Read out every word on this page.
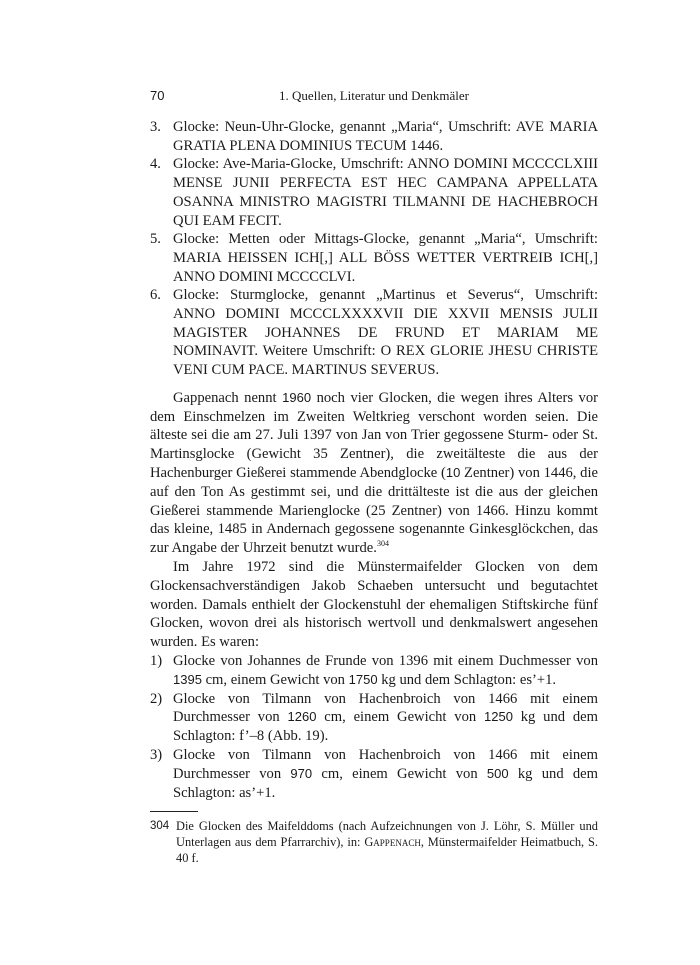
70	1. Quellen, Literatur und Denkmäler
3. Glocke: Neun-Uhr-Glocke, genannt „Maria“, Umschrift: AVE MARIA GRATIA PLENA DOMINIUS TECUM 1446.
4. Glocke: Ave-Maria-Glocke, Umschrift: ANNO DOMINI MCCCCLXIII MENSE JUNII PERFECTA EST HEC CAMPANA APPELLATA OSANNA MINISTRO MAGISTRI TILMANNI DE HACHEBROCH QUI EAM FECIT.
5. Glocke: Metten oder Mittags-Glocke, genannt „Maria“, Umschrift: MARIA HEISSEN ICH[,] ALL BÖSS WETTER VERTREIB ICH[,] ANNO DOMINI MCCCCLVI.
6. Glocke: Sturmglocke, genannt „Martinus et Severus“, Umschrift: ANNO DOMINI MCCCLXXXXVII DIE XXVII MENSIS JULII MAGISTER JOHANNES DE FRUND ET MARIAM ME NOMINAVIT. Weitere Umschrift: O REX GLORIE JHESU CHRISTE VENI CUM PACE. MARTINUS SEVERUS.

Gappenach nennt 1960 noch vier Glocken, die wegen ihres Alters vor dem Einschmelzen im Zweiten Weltkrieg verschont worden seien. Die älteste sei die am 27. Juli 1397 von Jan von Trier gegossene Sturm- oder St. Martinsglocke (Gewicht 35 Zentner), die zweitälteste die aus der Hachenburger Gießerei stammende Abendglocke (10 Zentner) von 1446, die auf den Ton As gestimmt sei, und die drittälteste ist die aus der gleichen Gießerei stammende Marienglocke (25 Zentner) von 1466. Hinzu kommt das kleine, 1485 in Andernach gegossene sogenannte Ginkesglöckchen, das zur Angabe der Uhrzeit benutzt wurde.$^{304}$

Im Jahre 1972 sind die Münstermaifelder Glocken von dem Glockensachverständigen Jakob Schaeben untersucht und begutachtet worden. Damals enthielt der Glockenstuhl der ehemaligen Stiftskirche fünf Glocken, wovon drei als historisch wertvoll und denkmalswert angesehen wurden. Es waren:

1) Glocke von Johannes de Frunde von 1396 mit einem Duchmesser von 1395 cm, einem Gewicht von 1750 kg und dem Schlagton: es’+1.
2) Glocke von Tilmann von Hachenbroich von 1466 mit einem Durchmesser von 1260 cm, einem Gewicht von 1250 kg und dem Schlagton: f’–8 (Abb. 19).
3) Glocke von Tilmann von Hachenbroich von 1466 mit einem Durchmesser von 970 cm, einem Gewicht von 500 kg und dem Schlagton: as’+1.
304 Die Glocken des Maifelddoms (nach Aufzeichnungen von J. Löhr, S. Müller und Unterlagen aus dem Pfarrarchiv), in: Gappenach, Münstermaifelder Heimatbuch, S. 40 f.
